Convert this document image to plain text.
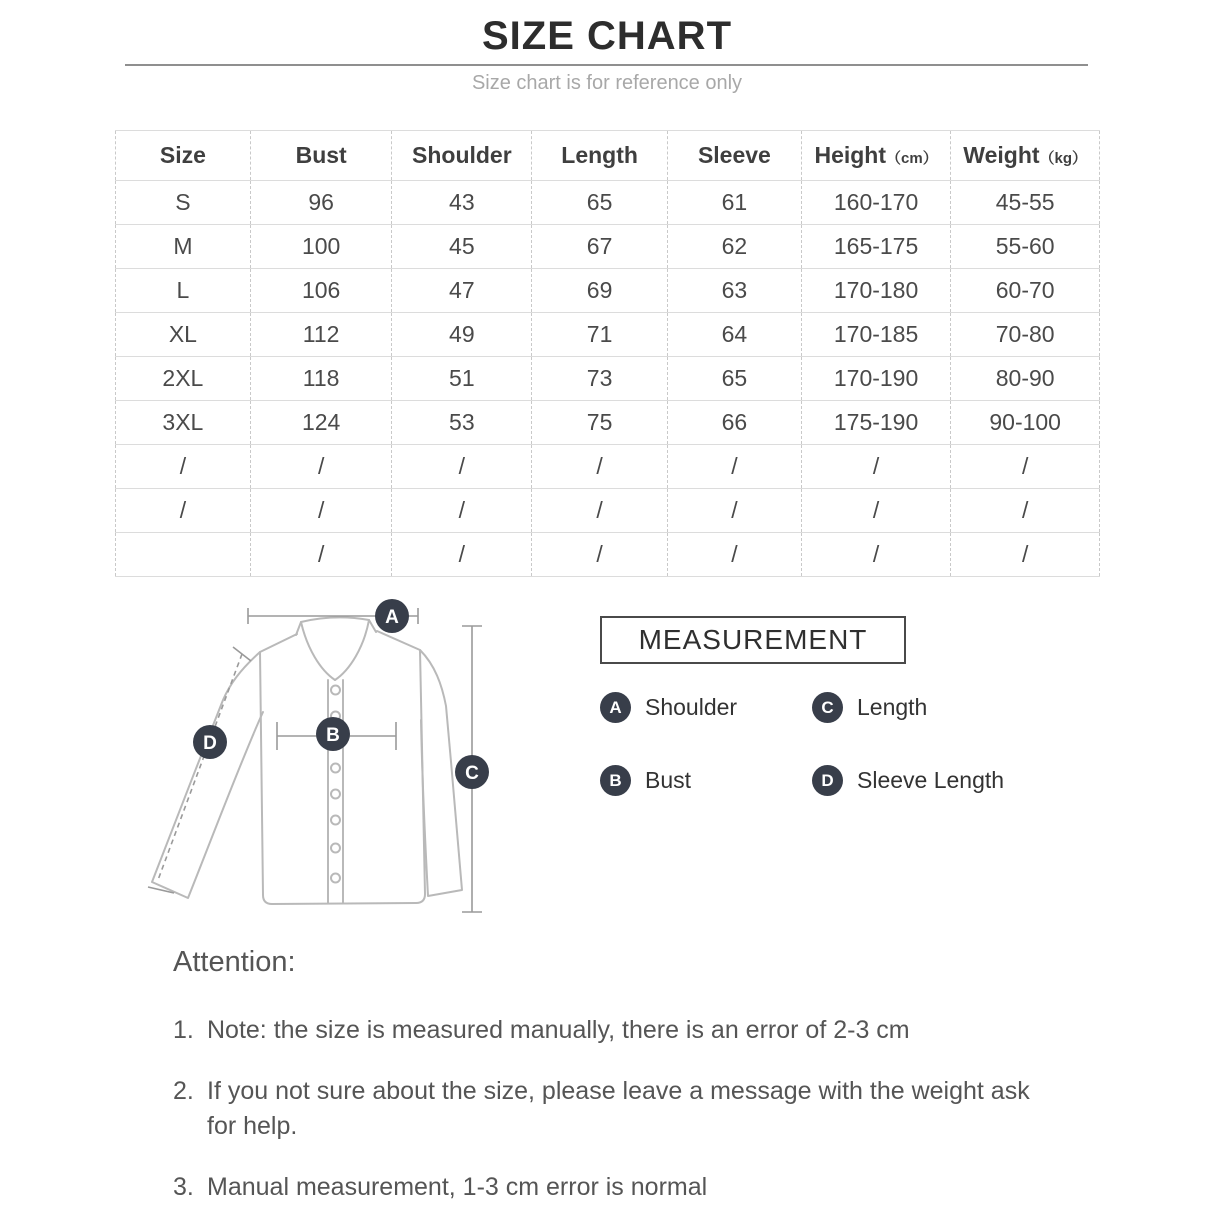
SIZE CHART

Size chart is for reference only

Size	Bust	Shoulder	Length	Sleeve	Height（cm）	Weight（kg）
S	96	43	65	61	160-170	45-55
M	100	45	67	62	165-175	55-60
L	106	47	69	63	170-180	60-70
XL	112	49	71	64	170-185	70-80
2XL	118	51	73	65	170-190	80-90
3XL	124	53	75	66	175-190	90-100
/	/	/	/	/	/	/
/	/	/	/	/	/	/
	/	/	/	/	/	/
A
B
C
D
MEASUREMENT
A	Shoulder	C	Length
B	Bust	D	Sleeve Length
Attention:
1. Note: the size is measured manually, there is an error of 2-3 cm
2. If you not sure about the size, please leave a message with the weight ask for help.
3. Manual measurement, 1-3 cm error is normal
